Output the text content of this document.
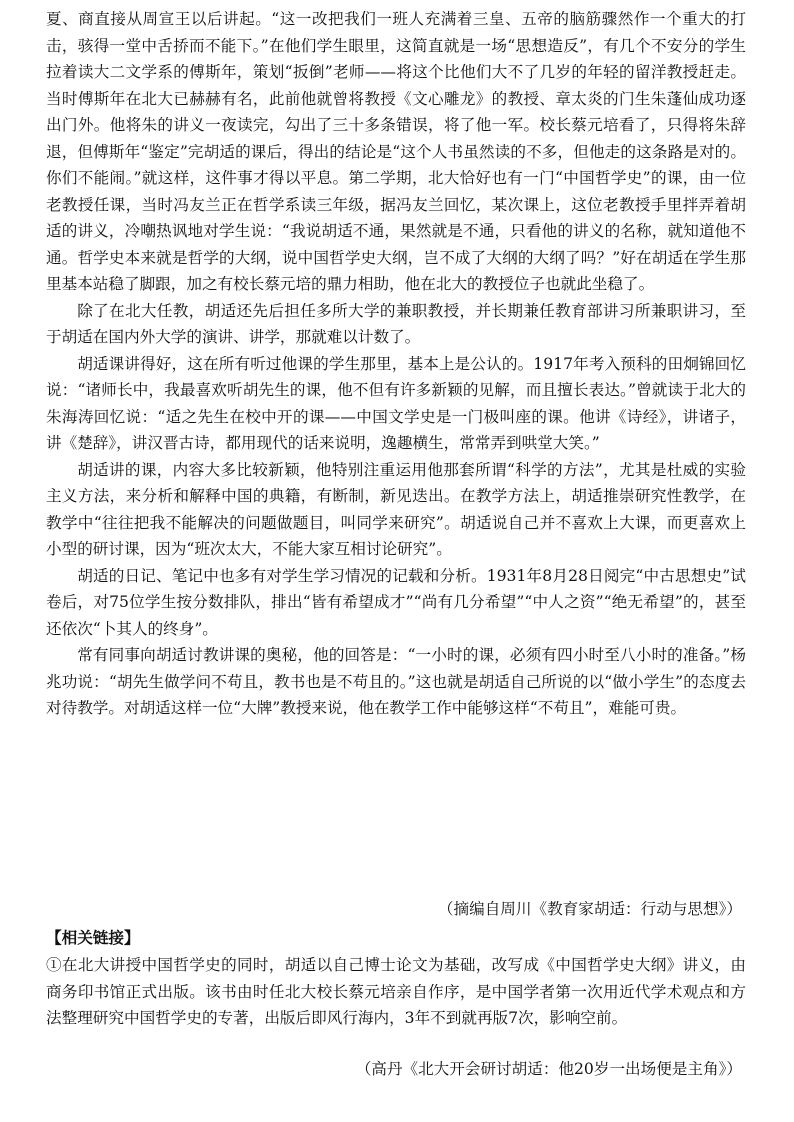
夏、商直接从周宣王以后讲起。“这一改把我们一班人充满着三皇、五帝的脑筋骤然作一个重大的打击，骇得一堂中舌挢而不能下。”在他们学生眼里，这简直就是一场“思想造反”，有几个不安分的学生拉着读大二文学系的傅斯年，策划“扳倒”老师——将这个比他们大不了几岁的年轻的留洋教授赶走。当时傅斯年在北大已赫赫有名，此前他就曾将教授《文心雕龙》的教授、章太炎的门生朱蓬仙成功逐出门外。他将朱的讲义一夜读完，勾出了三十多条错误，将了他一军。校长蔡元培看了，只得将朱辞退，但傅斯年“鉴定”完胡适的课后，得出的结论是“这个人书虽然读的不多，但他走的这条路是对的。你们不能闹。”就这样，这件事才得以平息。第二学期，北大恰好也有一门“中国哲学史”的课，由一位老教授任课，当时冯友兰正在哲学系读三年级，据冯友兰回忆，某次课上，这位老教授手里拌弄着胡适的讲义，冷嘲热讽地对学生说：“我说胡适不通，果然就是不通，只看他的讲义的名称，就知道他不通。哲学史本来就是哲学的大纲，说中国哲学史大纲，岂不成了大纲的大纲了吗？”好在胡适在学生那里基本站稳了脚跟，加之有校长蔡元培的鼎力相助，他在北大的教授位子也就此坐稳了。

除了在北大任教，胡适还先后担任多所大学的兼职教授，并长期兼任教育部讲习所兼职讲习，至于胡适在国内外大学的演讲、讲学，那就难以计数了。

胡适课讲得好，这在所有听过他课的学生那里，基本上是公认的。1917年考入预科的田炯锦回忆说：“诸师长中，我最喜欢听胡先生的课，他不但有许多新颖的见解，而且擅长表达。”曾就读于北大的朱海涛回忆说：“适之先生在校中开的课——中国文学史是一门极叫座的课。他讲《诗经》，讲诸子，讲《楚辞》，讲汉晋古诗，都用现代的话来说明，逸趣横生，常常弄到哄堂大笑。”

胡适讲的课，内容大多比较新颖，他特别注重运用他那套所谓“科学的方法”，尤其是杜威的实验主义方法，来分析和解释中国的典籍，有断制，新见迭出。在教学方法上，胡适推崇研究性教学，在教学中“往往把我不能解决的问题做题目，叫同学来研究”。胡适说自己并不喜欢上大课，而更喜欢上小型的研讨课，因为“班次太大，不能大家互相讨论研究”。

胡适的日记、笔记中也多有对学生学习情况的记载和分析。1931年8月28日阅完“中古思想史”试卷后，对75位学生按分数排队，排出“皆有希望成才”“尚有几分希望”“中人之资”“绝无希望”的，甚至还依次“卜其人的终身”。

常有同事向胡适讨教讲课的奥秘，他的回答是：“一小时的课，必须有四小时至八小时的准备。”杨兆功说：“胡先生做学问不苟且，教书也是不苟且的。”这也就是胡适自己所说的以“做小学生”的态度去对待教学。对胡适这样一位“大牌”教授来说，他在教学工作中能够这样“不苟且”，难能可贵。

（摘编自周川《教育家胡适：行动与思想》）

【相关链接】

①在北大讲授中国哲学史的同时，胡适以自己博士论文为基础，改写成《中国哲学史大纲》讲义，由商务印书馆正式出版。该书由时任北大校长蔡元培亲自作序，是中国学者第一次用近代学术观点和方法整理研究中国哲学史的专著，出版后即风行海内，3年不到就再版7次，影响空前。

（高丹《北大开会研讨胡适：他20岁一出场便是主角》）
